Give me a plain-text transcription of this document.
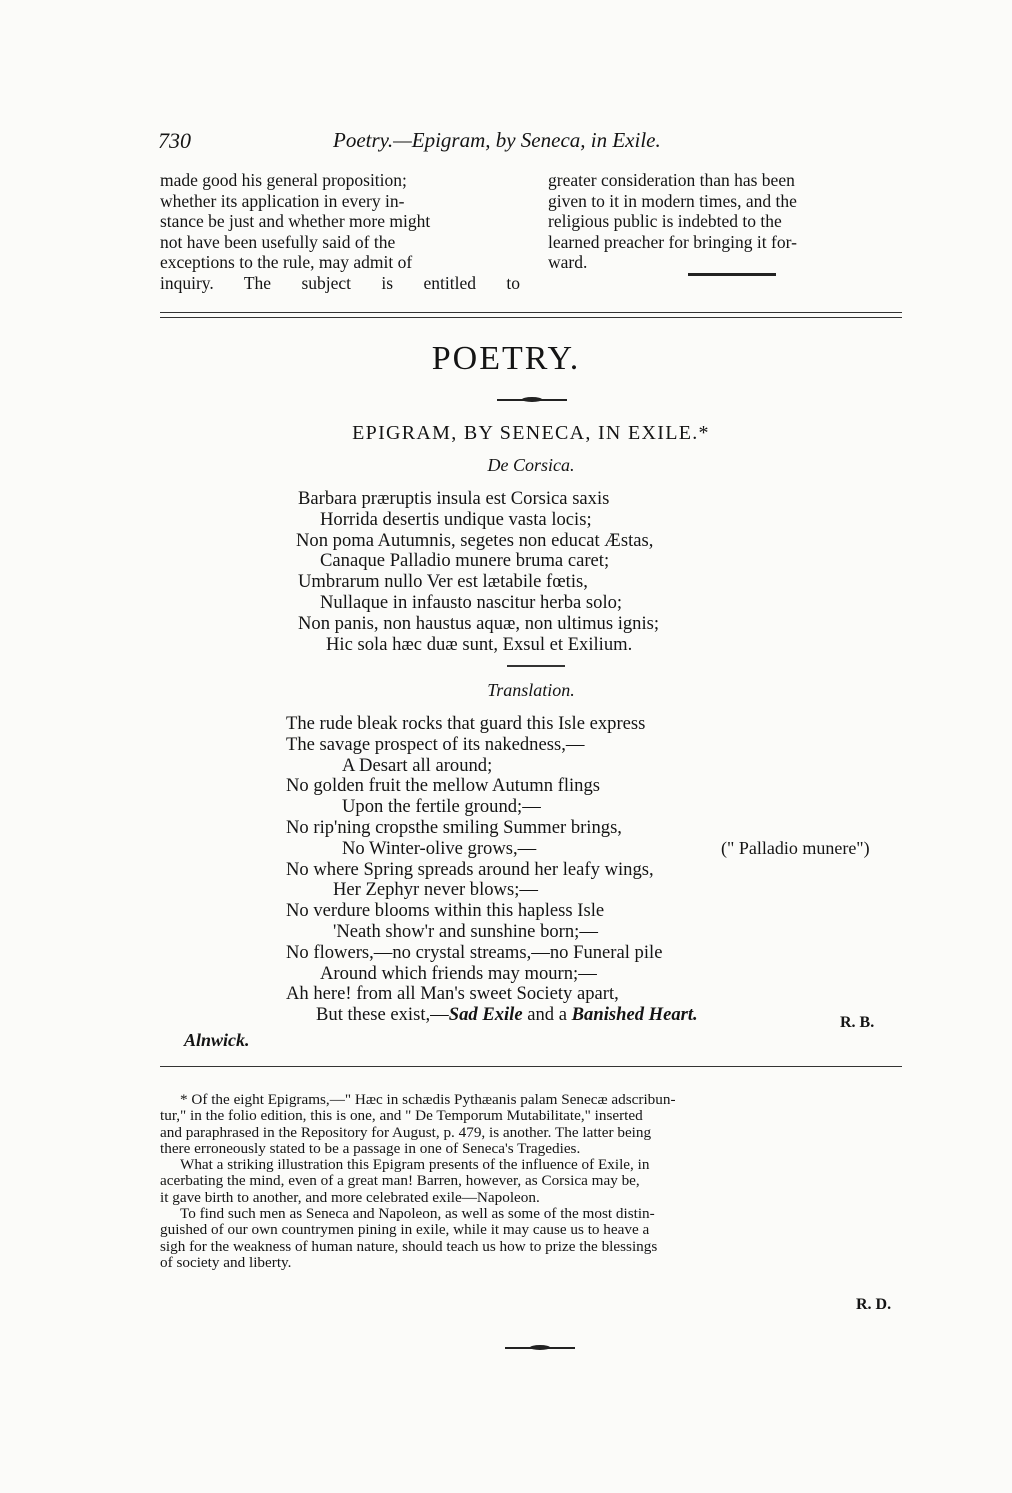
730	Poetry.—Epigram, by Seneca, in Exile.
made good his general proposition;
whether its application in every in-
stance be just and whether more might
not have been usefully said of the
exceptions to the rule, may admit of
inquiry. The subject is entitled to
greater consideration than has been
given to it in modern times, and the
religious public is indebted to the
learned preacher for bringing it for-
ward.
POETRY.
EPIGRAM, BY SENECA, IN EXILE.*
De Corsica.
Barbara præruptis insula est Corsica saxis
Horrida desertis undique vasta locis;
Non poma Autumnis, segetes non educat Æstas,
Canaque Palladio munere bruma caret;
Umbrarum nullo Ver est lætabile fœtis,
Nullaque in infausto nascitur herba solo;
Non panis, non haustus aquæ, non ultimus ignis;
Hic sola hæc duæ sunt, Exsul et Exilium.
Translation.
The rude bleak rocks that guard this Isle express
The savage prospect of its nakedness,—
A Desart all around;
No golden fruit the mellow Autumn flings
Upon the fertile ground;—
No rip'ning cropsthe smiling Summer brings,
No Winter-olive grows,—
No where Spring spreads around her leafy wings,
Her Zephyr never blows;—
No verdure blooms within this hapless Isle
'Neath show'r and sunshine born;—
No flowers,—no crystal streams,—no Funeral pile
Around which friends may mourn;—
Ah here! from all Man's sweet Society apart,
But these exist,—Sad Exile and a Banished Heart.
(" Palladio munere")
R. B.
Alnwick.
* Of the eight Epigrams,—" Hæc in schædis Pythæanis palam Senecæ adscribun-
tur," in the folio edition, this is one, and " De Temporum Mutabilitate," inserted
and paraphrased in the Repository for August, p. 479, is another. The latter being
there erroneously stated to be a passage in one of Seneca's Tragedies.
What a striking illustration this Epigram presents of the influence of Exile, in
acerbating the mind, even of a great man! Barren, however, as Corsica may be,
it gave birth to another, and more celebrated exile—Napoleon.
To find such men as Seneca and Napoleon, as well as some of the most distin-
guished of our own countrymen pining in exile, while it may cause us to heave a
sigh for the weakness of human nature, should teach us how to prize the blessings
of society and liberty.
R. D.
